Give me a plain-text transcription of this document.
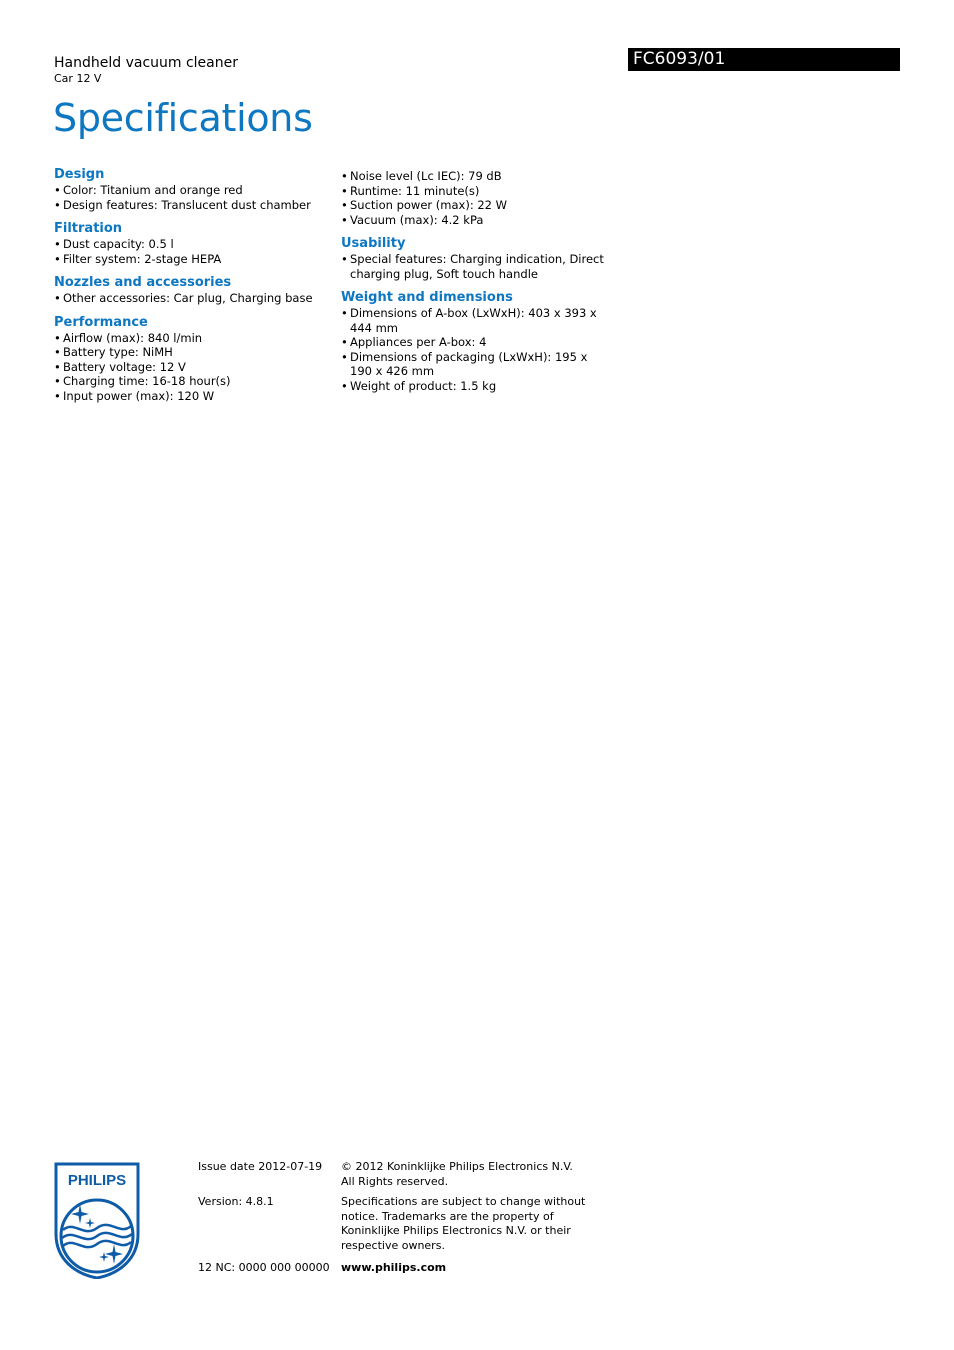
Handheld vacuum cleaner
Car 12 V
Specifications
FC6093/01
Design
• Color: Titanium and orange red
• Design features: Translucent dust chamber
Filtration
• Dust capacity: 0.5 l
• Filter system: 2-stage HEPA
Nozzles and accessories
• Other accessories: Car plug, Charging base
Performance
• Airflow (max): 840 l/min
• Battery type: NiMH
• Battery voltage: 12 V
• Charging time: 16-18 hour(s)
• Input power (max): 120 W
• Noise level (Lc IEC): 79 dB
• Runtime: 11 minute(s)
• Suction power (max): 22 W
• Vacuum (max): 4.2 kPa
Usability
• Special features: Charging indication, Direct charging plug, Soft touch handle
Weight and dimensions
• Dimensions of A-box (LxWxH): 403 x 393 x 444 mm
• Appliances per A-box: 4
• Dimensions of packaging (LxWxH): 195 x 190 x 426 mm
• Weight of product: 1.5 kg
PHILIPS
Issue date 2012-07-19
Version: 4.8.1
12 NC: 0000 000 00000
© 2012 Koninklijke Philips Electronics N.V.
All Rights reserved.
Specifications are subject to change without notice. Trademarks are the property of Koninklijke Philips Electronics N.V. or their respective owners.
www.philips.com
